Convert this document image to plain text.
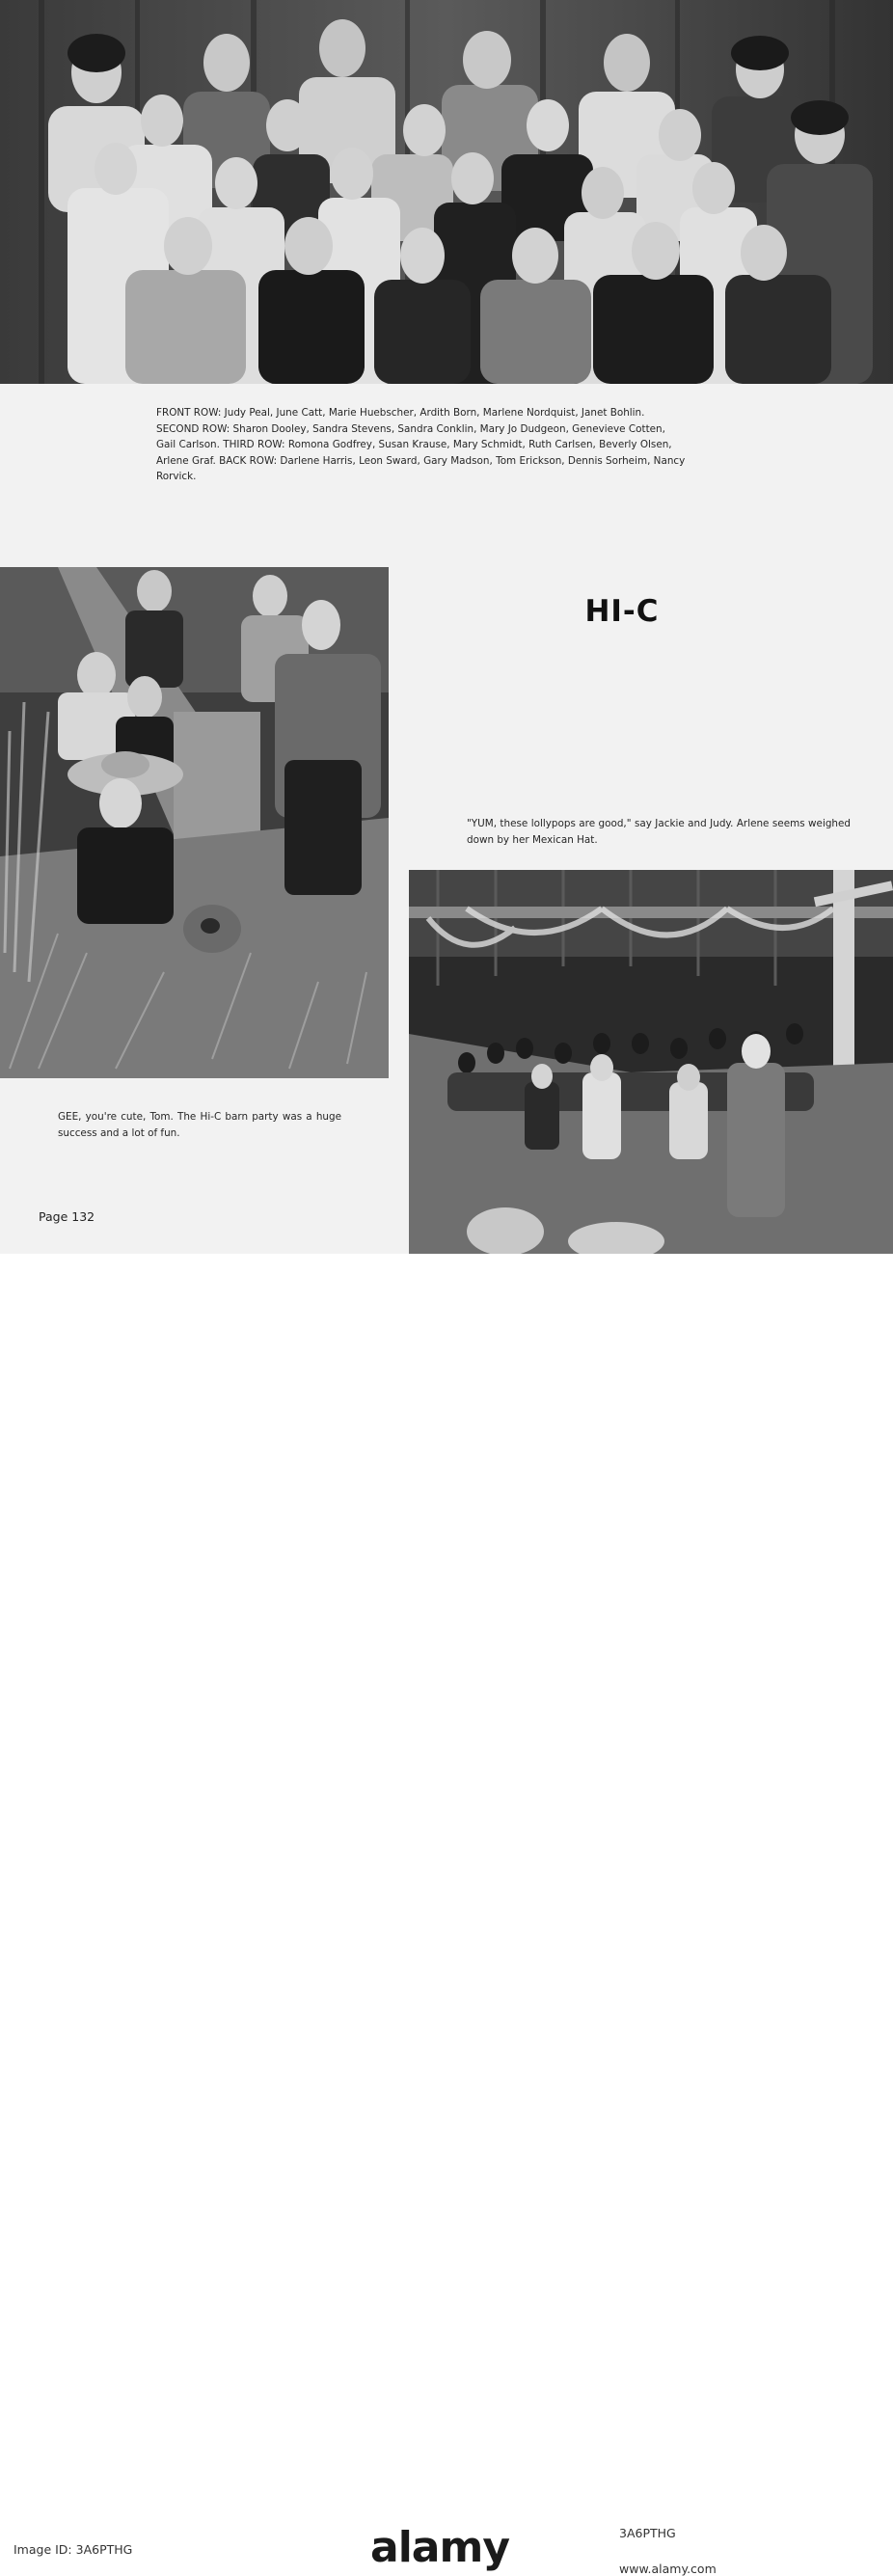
FRONT ROW: Judy Peal, June Catt, Marie Huebscher, Ardith Born, Marlene Nordquist, Janet Bohlin.
SECOND ROW: Sharon Dooley, Sandra Stevens, Sandra Conklin, Mary Jo Dudgeon, Genevieve Cotten,
Gail Carlson. THIRD ROW: Romona Godfrey, Susan Krause, Mary Schmidt, Ruth Carlsen, Beverly Olsen,
Arlene Graf. BACK ROW: Darlene Harris, Leon Sward, Gary Madson, Tom Erickson, Dennis Sorheim, Nancy
Rorvick.
HI-C
"YUM, these lollypops are good," say Jackie and Judy. Arlene seems weighed down by her Mexican Hat.
GEE, you're cute, Tom. The Hi-C barn party was a huge success and a lot of fun.
Page 132
alamy
Image ID: 3A6PTHG
3A6PTHG
www.alamy.com
